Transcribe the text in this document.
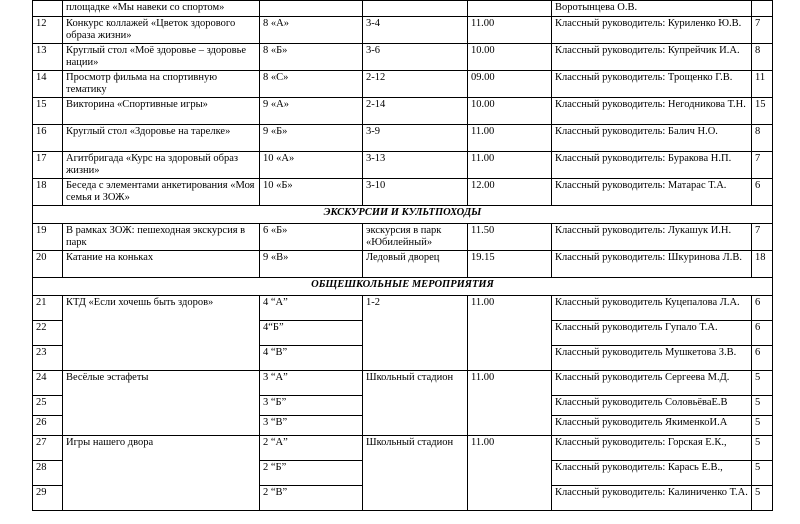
	площадке «Мы навеки со спортом»				Воротынцева О.В.	
12	Конкурс коллажей «Цветок здорового образа жизни»	8 «А»	3-4	11.00	Классный руководитель: Куриленко Ю.В.	7
13	Круглый стол «Моё здоровье – здоровье нации»	8 «Б»	3-6	10.00	Классный руководитель: Купрейчик И.А.	8
14	Просмотр фильма на спортивную тематику	8 «С»	2-12	09.00	Классный руководитель: Трощенко Г.В.	11
15	Викторина «Спортивные игры»	9 «А»	2-14	10.00	Классный руководитель: Негодникова Т.Н.	15
16	Круглый стол «Здоровье на тарелке»	9 «Б»	3-9	11.00	Классный руководитель: Балич Н.О.	8
17	Агитбригада «Курс на здоровый образ жизни»	10 «А»	3-13	11.00	Классный руководитель: Буракова Н.П.	7
18	Беседа с элементами анкетирования «Моя семья и ЗОЖ»	10 «Б»	3-10	12.00	Классный руководитель: Матарас Т.А.	6
ЭКСКУРСИИ И КУЛЬТПОХОДЫ						
19	В рамках ЗОЖ: пешеходная экскурсия в парк	6 «Б»	экскурсия в парк «Юбилейный»	11.50	Классный руководитель: Лукашук И.Н.	7
20	Катание на коньках	9 «В»	Ледовый дворец	19.15	Классный руководитель: Шкуринова Л.В.	18
ОБЩЕШКОЛЬНЫЕ МЕРОПРИЯТИЯ						
21	КТД «Если хочешь быть здоров»	4 “А”	1-2	11.00	Классный руководитель Куцепалова Л.А.	6
22		4“Б”			Классный руководитель Гупало Т.А.	6
23		4 “В”			Классный руководитель Мушкетова З.В.	6
24	Весёлые эстафеты	3 “А”	Школьный стадион	11.00	Классный руководитель Сергеева М.Д.	5
25		3 “Б”			Классный руководитель СоловьёваЕ.В	5
26		3 “В”			Классный руководитель ЯкименкоИ.А	5
27	Игры нашего двора	2 “А”	Школьный стадион	11.00	Классный руководитель: Горская Е.К.,	5
28		2 “Б”			Классный руководитель: Карась Е.В.,	5
29		2 “В”			Классный руководитель: Калиниченко Т.А.	5
